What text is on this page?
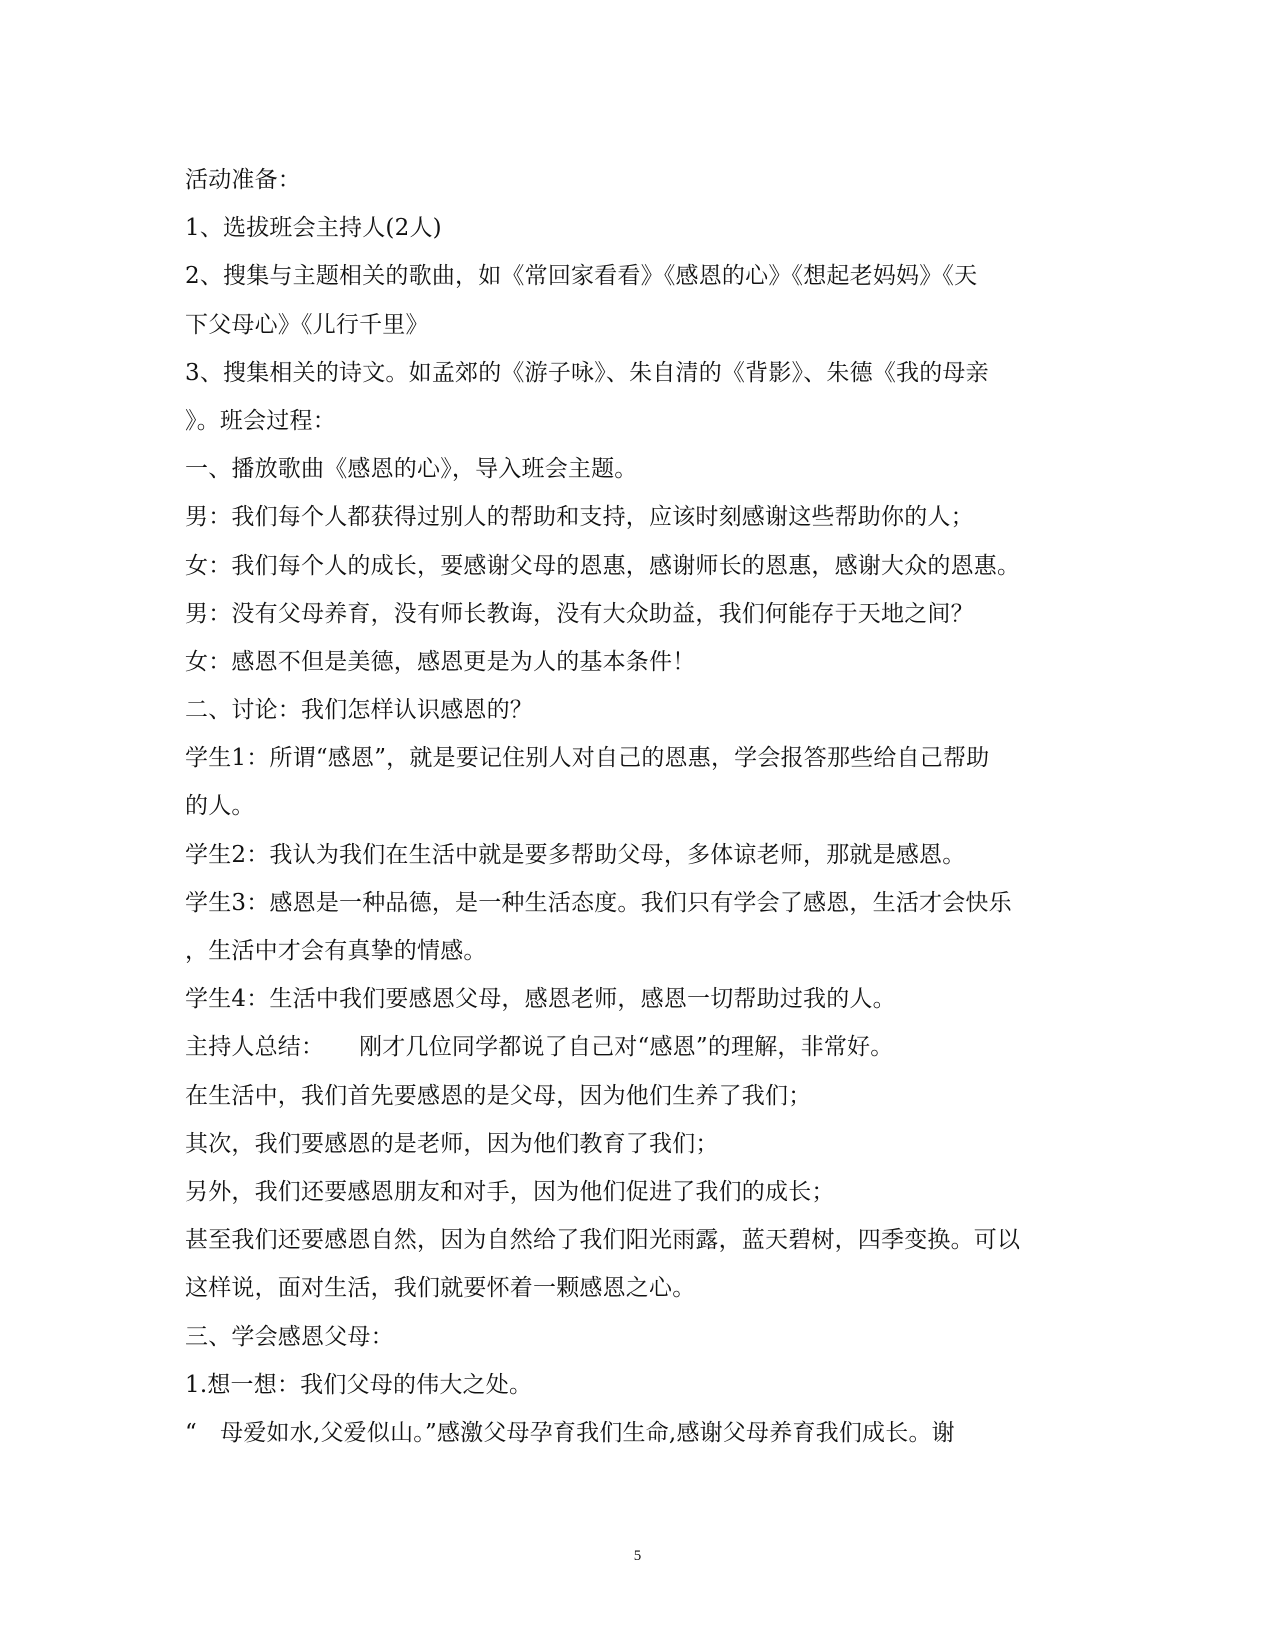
活动准备：
1、选拔班会主持人(2人)
2、搜集与主题相关的歌曲，如《常回家看看》《感恩的心》《想起老妈妈》《天
下父母心》《儿行千里》
3、搜集相关的诗文。如孟郊的《游子咏》、朱自清的《背影》、朱德《我的母亲
》。班会过程：
一、播放歌曲《感恩的心》，导入班会主题。
男：我们每个人都获得过别人的帮助和支持，应该时刻感谢这些帮助你的人；
女：我们每个人的成长，要感谢父母的恩惠，感谢师长的恩惠，感谢大众的恩惠。
男：没有父母养育，没有师长教诲，没有大众助益，我们何能存于天地之间？
女：感恩不但是美德，感恩更是为人的基本条件！
二、讨论：我们怎样认识感恩的？
学生1：所谓“感恩”，就是要记住别人对自己的恩惠，学会报答那些给自己帮助
的人。
学生2：我认为我们在生活中就是要多帮助父母，多体谅老师，那就是感恩。
学生3：感恩是一种品德，是一种生活态度。我们只有学会了感恩，生活才会快乐
，生活中才会有真挚的情感。
学生4：生活中我们要感恩父母，感恩老师，感恩一切帮助过我的人。
主持人总结：　　刚才几位同学都说了自己对“感恩”的理解，非常好。
在生活中，我们首先要感恩的是父母，因为他们生养了我们；
其次，我们要感恩的是老师，因为他们教育了我们；
另外，我们还要感恩朋友和对手，因为他们促进了我们的成长；
甚至我们还要感恩自然，因为自然给了我们阳光雨露，蓝天碧树，四季变换。可以
这样说，面对生活，我们就要怀着一颗感恩之心。
三、学会感恩父母：
1.想一想：我们父母的伟大之处。
“　母爱如水,父爱似山。”感激父母孕育我们生命,感谢父母养育我们成长。谢
5
